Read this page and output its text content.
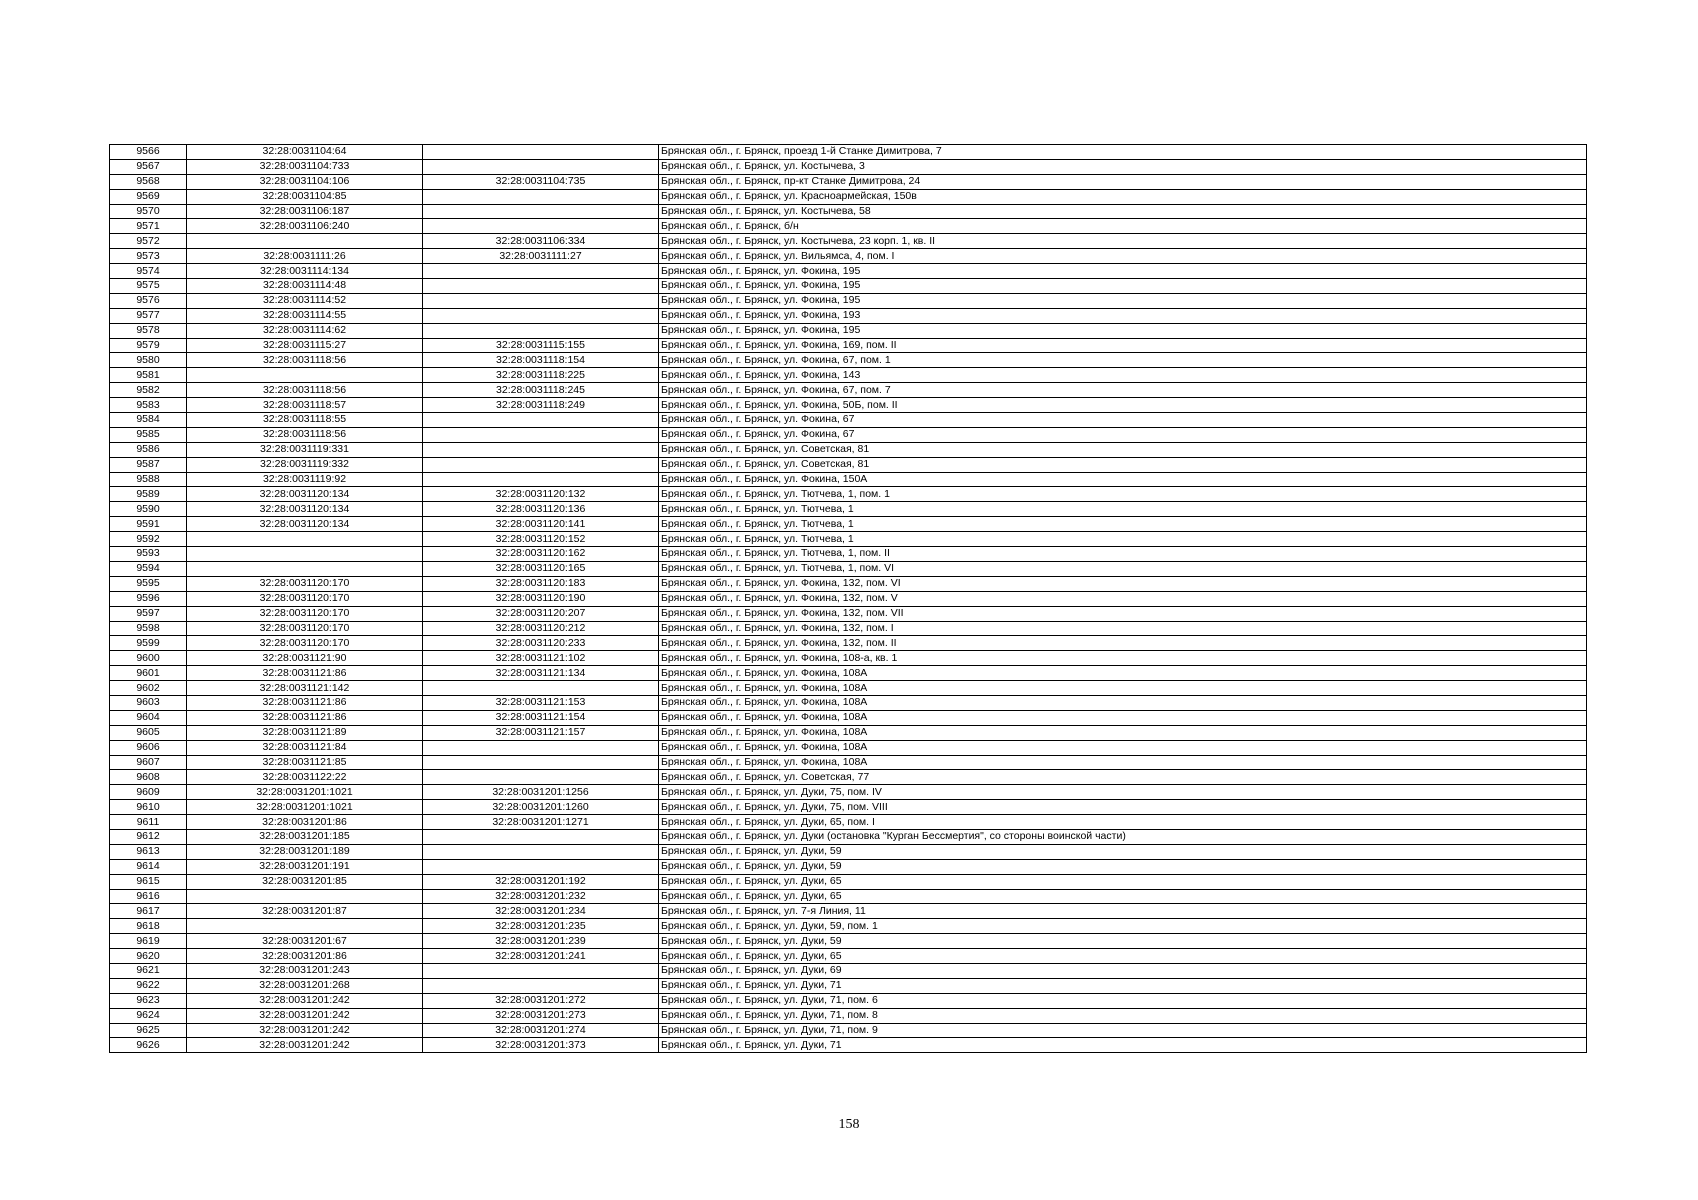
9566	32:28:0031104:64		Брянская обл., г. Брянск, проезд 1-й Станке Димитрова, 7
9567	32:28:0031104:733		Брянская обл., г. Брянск, ул. Костычева, 3
9568	32:28:0031104:106	32:28:0031104:735	Брянская обл., г. Брянск, пр-кт Станке Димитрова, 24
9569	32:28:0031104:85		Брянская обл., г. Брянск, ул. Красноармейская, 150в
9570	32:28:0031106:187		Брянская обл., г. Брянск, ул. Костычева, 58
9571	32:28:0031106:240		Брянская обл., г. Брянск, б/н
9572		32:28:0031106:334	Брянская обл., г. Брянск, ул. Костычева, 23 корп. 1, кв. II
9573	32:28:0031111:26	32:28:0031111:27	Брянская обл., г. Брянск, ул. Вильямса, 4, пом. I
9574	32:28:0031114:134		Брянская обл., г. Брянск, ул. Фокина, 195
9575	32:28:0031114:48		Брянская обл., г. Брянск, ул. Фокина, 195
9576	32:28:0031114:52		Брянская обл., г. Брянск, ул. Фокина, 195
9577	32:28:0031114:55		Брянская обл., г. Брянск, ул. Фокина, 193
9578	32:28:0031114:62		Брянская обл., г. Брянск, ул. Фокина, 195
9579	32:28:0031115:27	32:28:0031115:155	Брянская обл., г. Брянск, ул. Фокина, 169, пом. II
9580	32:28:0031118:56	32:28:0031118:154	Брянская обл., г. Брянск, ул. Фокина, 67, пом. 1
9581		32:28:0031118:225	Брянская обл., г. Брянск, ул. Фокина, 143
9582	32:28:0031118:56	32:28:0031118:245	Брянская обл., г. Брянск, ул. Фокина, 67, пом. 7
9583	32:28:0031118:57	32:28:0031118:249	Брянская обл., г. Брянск, ул. Фокина, 50Б, пом. II
9584	32:28:0031118:55		Брянская обл., г. Брянск, ул. Фокина, 67
9585	32:28:0031118:56		Брянская обл., г. Брянск, ул. Фокина, 67
9586	32:28:0031119:331		Брянская обл., г. Брянск, ул. Советская, 81
9587	32:28:0031119:332		Брянская обл., г. Брянск, ул. Советская, 81
9588	32:28:0031119:92		Брянская обл., г. Брянск, ул. Фокина, 150А
9589	32:28:0031120:134	32:28:0031120:132	Брянская обл., г. Брянск, ул. Тютчева, 1, пом. 1
9590	32:28:0031120:134	32:28:0031120:136	Брянская обл., г. Брянск, ул. Тютчева, 1
9591	32:28:0031120:134	32:28:0031120:141	Брянская обл., г. Брянск, ул. Тютчева, 1
9592		32:28:0031120:152	Брянская обл., г. Брянск, ул. Тютчева, 1
9593		32:28:0031120:162	Брянская обл., г. Брянск, ул. Тютчева, 1, пом. II
9594		32:28:0031120:165	Брянская обл., г. Брянск, ул. Тютчева, 1, пом. VI
9595	32:28:0031120:170	32:28:0031120:183	Брянская обл., г. Брянск, ул. Фокина, 132, пом. VI
9596	32:28:0031120:170	32:28:0031120:190	Брянская обл., г. Брянск, ул. Фокина, 132, пом. V
9597	32:28:0031120:170	32:28:0031120:207	Брянская обл., г. Брянск, ул. Фокина, 132, пом. VII
9598	32:28:0031120:170	32:28:0031120:212	Брянская обл., г. Брянск, ул. Фокина, 132, пом. I
9599	32:28:0031120:170	32:28:0031120:233	Брянская обл., г. Брянск, ул. Фокина, 132, пом. II
9600	32:28:0031121:90	32:28:0031121:102	Брянская обл., г. Брянск, ул. Фокина, 108-а, кв. 1
9601	32:28:0031121:86	32:28:0031121:134	Брянская обл., г. Брянск, ул. Фокина, 108А
9602	32:28:0031121:142		Брянская обл., г. Брянск, ул. Фокина, 108А
9603	32:28:0031121:86	32:28:0031121:153	Брянская обл., г. Брянск, ул. Фокина, 108А
9604	32:28:0031121:86	32:28:0031121:154	Брянская обл., г. Брянск, ул. Фокина, 108А
9605	32:28:0031121:89	32:28:0031121:157	Брянская обл., г. Брянск, ул. Фокина, 108А
9606	32:28:0031121:84		Брянская обл., г. Брянск, ул. Фокина, 108А
9607	32:28:0031121:85		Брянская обл., г. Брянск, ул. Фокина, 108А
9608	32:28:0031122:22		Брянская обл., г. Брянск, ул. Советская, 77
9609	32:28:0031201:1021	32:28:0031201:1256	Брянская обл., г. Брянск, ул. Дуки, 75, пом. IV
9610	32:28:0031201:1021	32:28:0031201:1260	Брянская обл., г. Брянск, ул. Дуки, 75, пом. VIII
9611	32:28:0031201:86	32:28:0031201:1271	Брянская обл., г. Брянск, ул. Дуки, 65, пом. I
9612	32:28:0031201:185		Брянская обл., г. Брянск, ул. Дуки (остановка "Курган Бессмертия", со стороны воинской части)
9613	32:28:0031201:189		Брянская обл., г. Брянск, ул. Дуки, 59
9614	32:28:0031201:191		Брянская обл., г. Брянск, ул. Дуки, 59
9615	32:28:0031201:85	32:28:0031201:192	Брянская обл., г. Брянск, ул. Дуки, 65
9616		32:28:0031201:232	Брянская обл., г. Брянск, ул. Дуки, 65
9617	32:28:0031201:87	32:28:0031201:234	Брянская обл., г. Брянск, ул. 7-я Линия, 11
9618		32:28:0031201:235	Брянская обл., г. Брянск, ул. Дуки, 59, пом. 1
9619	32:28:0031201:67	32:28:0031201:239	Брянская обл., г. Брянск, ул. Дуки, 59
9620	32:28:0031201:86	32:28:0031201:241	Брянская обл., г. Брянск, ул. Дуки, 65
9621	32:28:0031201:243		Брянская обл., г. Брянск, ул. Дуки, 69
9622	32:28:0031201:268		Брянская обл., г. Брянск, ул. Дуки, 71
9623	32:28:0031201:242	32:28:0031201:272	Брянская обл., г. Брянск, ул. Дуки, 71, пом. 6
9624	32:28:0031201:242	32:28:0031201:273	Брянская обл., г. Брянск, ул. Дуки, 71, пом. 8
9625	32:28:0031201:242	32:28:0031201:274	Брянская обл., г. Брянск, ул. Дуки, 71, пом. 9
9626	32:28:0031201:242	32:28:0031201:373	Брянская обл., г. Брянск, ул. Дуки, 71
158
